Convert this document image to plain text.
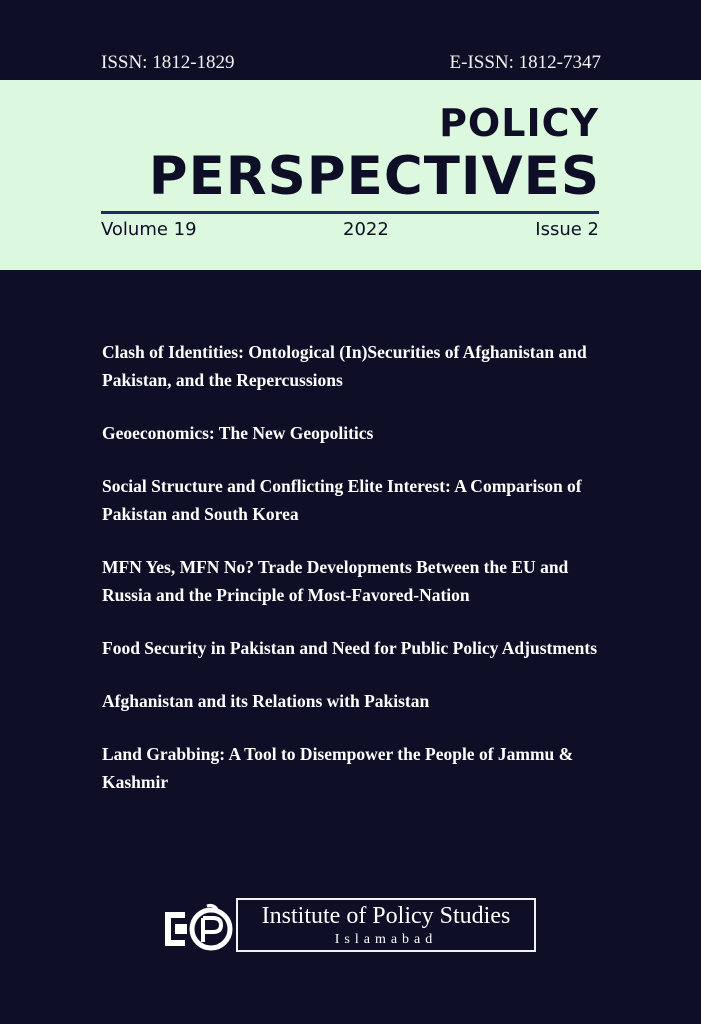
ISSN: 1812-1829	E-ISSN: 1812-7347
POLICY
PERSPECTIVES
Volume 19	2022	Issue 2
Clash of Identities: Ontological (In)Securities of Afghanistan and Pakistan, and the Repercussions
Geoeconomics: The New Geopolitics
Social Structure and Conflicting Elite Interest: A Comparison of Pakistan and South Korea
MFN Yes, MFN No? Trade Developments Between the EU and Russia and the Principle of Most-Favored-Nation
Food Security in Pakistan and Need for Public Policy Adjustments
Afghanistan and its Relations with Pakistan
Land Grabbing: A Tool to Disempower the People of Jammu & Kashmir
Institute of Policy Studies
Islamabad
